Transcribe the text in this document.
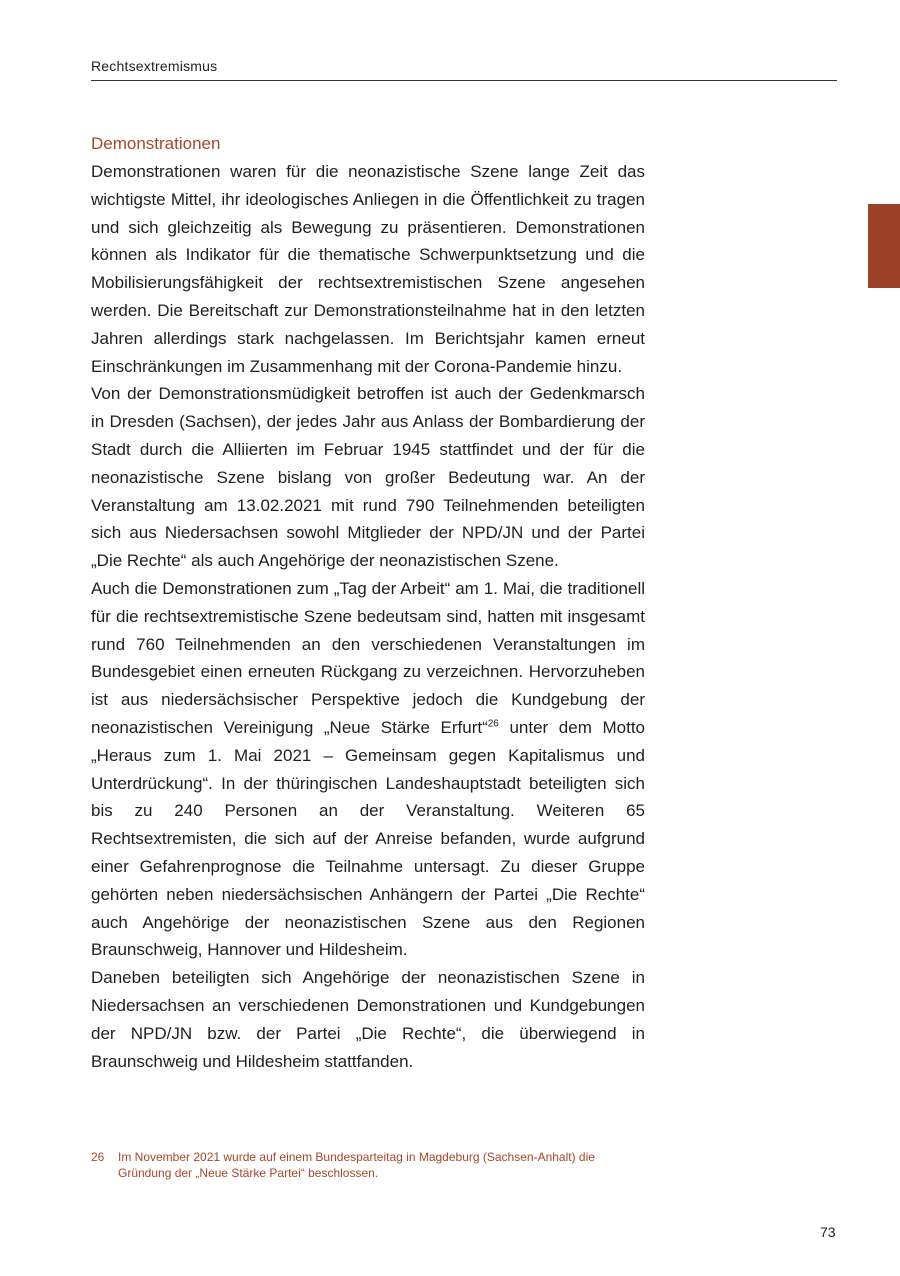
Rechtsextremismus
Demonstrationen

Demonstrationen waren für die neonazistische Szene lange Zeit das wichtigste Mittel, ihr ideologisches Anliegen in die Öffentlichkeit zu tragen und sich gleichzeitig als Bewegung zu präsentieren. Demonstrationen können als Indikator für die thematische Schwerpunktsetzung und die Mobilisierungsfähigkeit der rechtsextremistischen Szene angesehen werden. Die Bereitschaft zur Demonstrationsteilnahme hat in den letzten Jahren allerdings stark nachgelassen. Im Berichtsjahr kamen erneut Einschränkungen im Zusammenhang mit der Corona-Pandemie hinzu.

Von der Demonstrationsmüdigkeit betroffen ist auch der Gedenkmarsch in Dresden (Sachsen), der jedes Jahr aus Anlass der Bombardierung der Stadt durch die Alliierten im Februar 1945 stattfindet und der für die neonazistische Szene bislang von großer Bedeutung war. An der Veranstaltung am 13.02.2021 mit rund 790 Teilnehmenden beteiligten sich aus Niedersachsen sowohl Mitglieder der NPD/JN und der Partei „Die Rechte“ als auch Angehörige der neonazistischen Szene.

Auch die Demonstrationen zum „Tag der Arbeit“ am 1. Mai, die traditionell für die rechtsextremistische Szene bedeutsam sind, hatten mit insgesamt rund 760 Teilnehmenden an den verschiedenen Veranstaltungen im Bundesgebiet einen erneuten Rückgang zu verzeichnen. Hervorzuheben ist aus niedersächsischer Perspektive jedoch die Kundgebung der neonazistischen Vereinigung „Neue Stärke Erfurt“$^{26}$ unter dem Motto „Heraus zum 1. Mai 2021 – Gemeinsam gegen Kapitalismus und Unterdrückung“. In der thüringischen Landeshauptstadt beteiligten sich bis zu 240 Personen an der Veranstaltung. Weiteren 65 Rechtsextremisten, die sich auf der Anreise befanden, wurde aufgrund einer Gefahrenprognose die Teilnahme untersagt. Zu dieser Gruppe gehörten neben niedersächsischen Anhängern der Partei „Die Rechte“ auch Angehörige der neonazistischen Szene aus den Regionen Braunschweig, Hannover und Hildesheim.

Daneben beteiligten sich Angehörige der neonazistischen Szene in Niedersachsen an verschiedenen Demonstrationen und Kundgebungen der NPD/JN bzw. der Partei „Die Rechte“, die überwiegend in Braunschweig und Hildesheim stattfanden.

26 Im November 2021 wurde auf einem Bundesparteitag in Magdeburg (Sachsen-Anhalt) die Gründung der „Neue Stärke Partei“ beschlossen.
73
